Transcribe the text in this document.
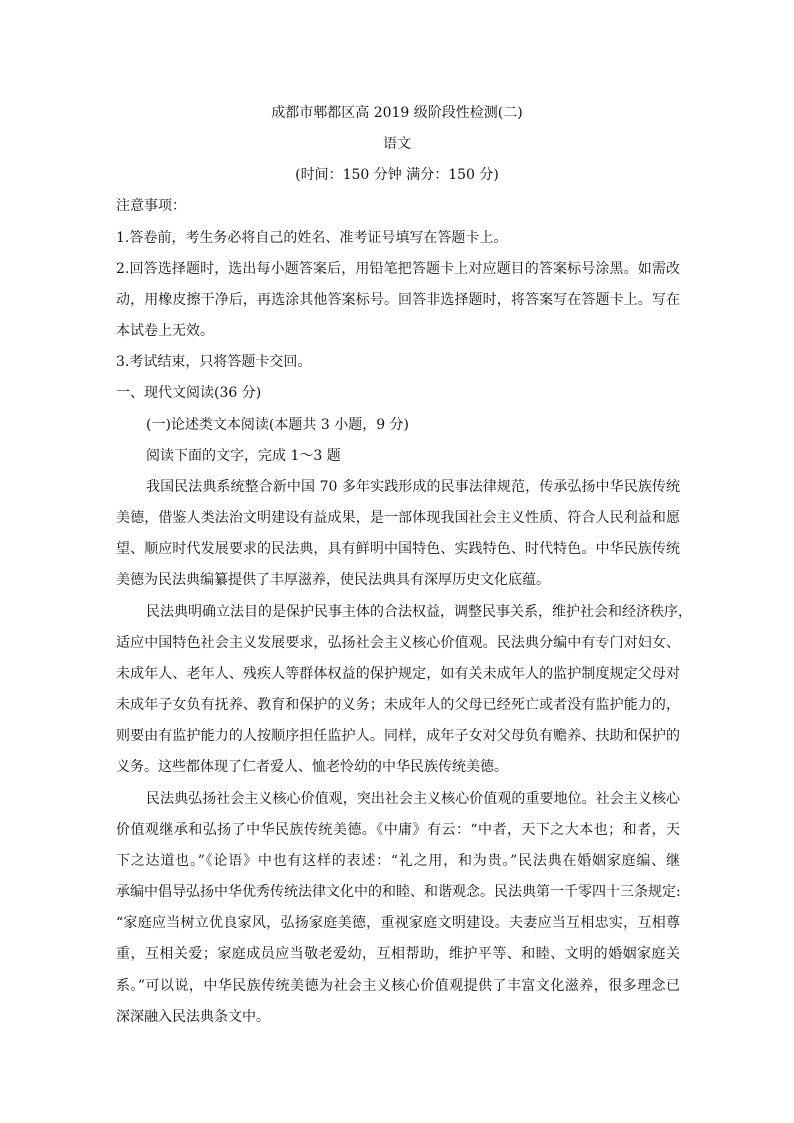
成都市郫都区高 2019 级阶段性检测(二)
语文
(时间：150 分钟 满分：150 分)
注意事项：
1.答卷前，考生务必将自己的姓名、准考证号填写在答题卡上。
2.回答选择题时，选出每小题答案后，用铅笔把答题卡上对应题目的答案标号涂黑。如需改
动，用橡皮擦干净后，再选涂其他答案标号。回答非选择题时，将答案写在答题卡上。写在
本试卷上无效。
3.考试结束，只将答题卡交回。
一、现代文阅读(36 分)
(一)论述类文本阅读(本题共 3 小题，9 分)
阅读下面的文字，完成 1～3 题
我国民法典系统整合新中国 70 多年实践形成的民事法律规范，传承弘扬中华民族传统
美德，借鉴人类法治文明建设有益成果，是一部体现我国社会主义性质、符合人民利益和愿
望、顺应时代发展要求的民法典，具有鲜明中国特色、实践特色、时代特色。中华民族传统
美德为民法典编纂提供了丰厚滋养，使民法典具有深厚历史文化底蕴。
民法典明确立法目的是保护民事主体的合法权益，调整民事关系，维护社会和经济秩序，
适应中国特色社会主义发展要求，弘扬社会主义核心价值观。民法典分编中有专门对妇女、
未成年人、老年人、残疾人等群体权益的保护规定，如有关未成年人的监护制度规定父母对
未成年子女负有抚养、教育和保护的义务；未成年人的父母已经死亡或者没有监护能力的，
则要由有监护能力的人按顺序担任监护人。同样，成年子女对父母负有赡养、扶助和保护的
义务。这些都体现了仁者爱人、恤老怜幼的中华民族传统美德。
民法典弘扬社会主义核心价值观，突出社会主义核心价值观的重要地位。社会主义核心
价值观继承和弘扬了中华民族传统美德。《中庸》有云：“中者，天下之大本也；和者，天
下之达道也。”《论语》中也有这样的表述：“礼之用，和为贵。”民法典在婚姻家庭编、继
承编中倡导弘扬中华优秀传统法律文化中的和睦、和谐观念。民法典第一千零四十三条规定:
“家庭应当树立优良家风，弘扬家庭美德，重视家庭文明建设。夫妻应当互相忠实，互相尊
重，互相关爱；家庭成员应当敬老爱幼，互相帮助，维护平等、和睦、文明的婚姻家庭关
系。”可以说，中华民族传统美德为社会主义核心价值观提供了丰富文化滋养，很多理念已
深深融入民法典条文中。
